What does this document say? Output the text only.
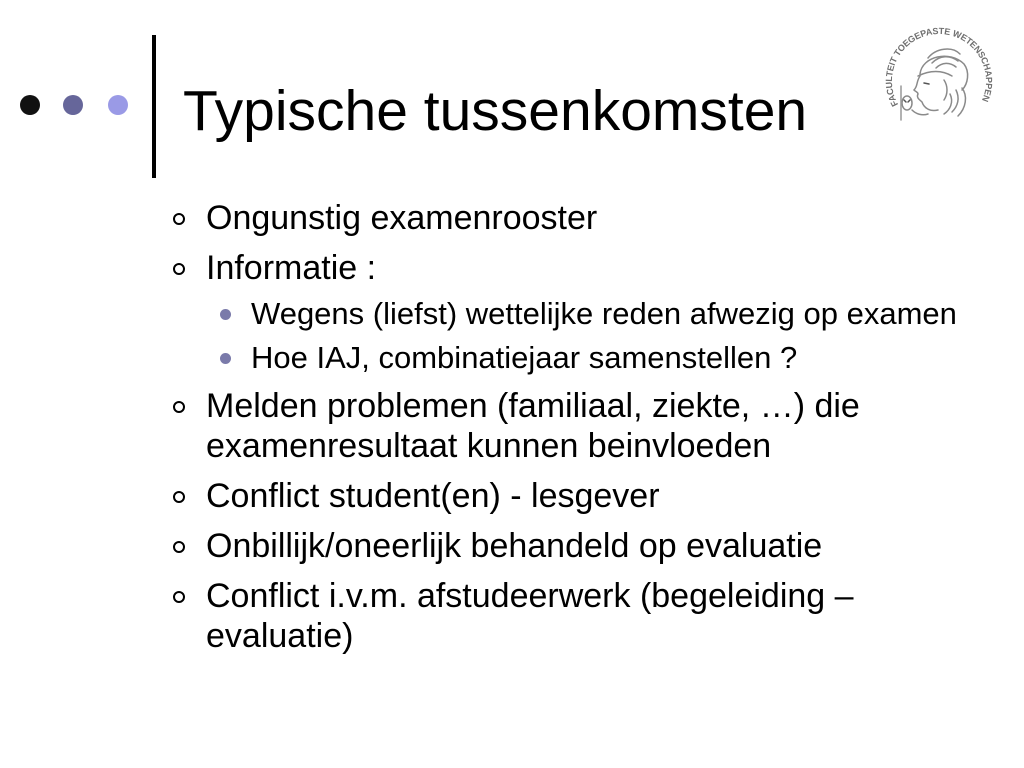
Typische tussenkomsten	FACULTEIT TOEGEPASTE WETENSCHAPPEN
Ongunstig examenrooster
Informatie :
Wegens (liefst) wettelijke reden afwezig op examen
Hoe IAJ, combinatiejaar samenstellen ?
Melden problemen (familiaal, ziekte, …) die examenresultaat kunnen beinvloeden
Conflict student(en) - lesgever
Onbillijk/oneerlijk behandeld op evaluatie
Conflict i.v.m. afstudeerwerk (begeleiding – evaluatie)
